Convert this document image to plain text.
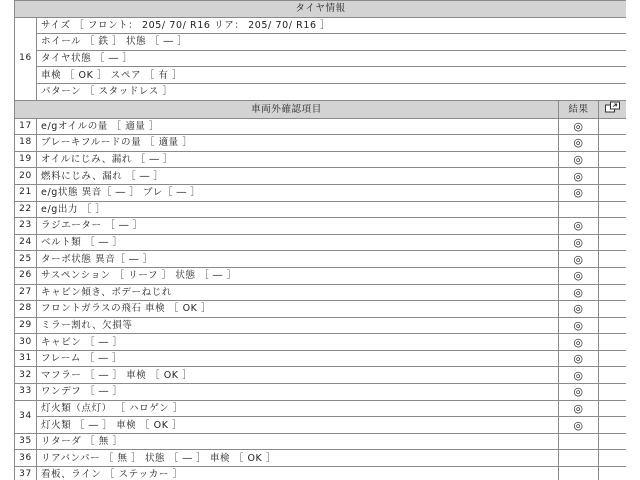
タイヤ情報			
16	サイズ ［ フロント： 205/ 70/ R16 リア： 205/ 70/ R16 ］		
	ホイール ［ 鉄 ］ 状態 ［ ― ］		
	タイヤ状態 ［ ― ］		
	車検 ［ OK ］ スペア ［ 有 ］		
	パターン ［ スタッドレス ］		
車両外確認項目		結果	
17	e/gオイルの量 ［ 適量 ］	◎	
18	ブレーキフルードの量 ［ 適量 ］	◎	
19	オイルにじみ、漏れ ［ ― ］	◎	
20	燃料にじみ、漏れ ［ ― ］	◎	
21	e/g状態 異音［ ― ］ ブレ［ ― ］	◎	
22	e/g出力 ［ ］		
23	ラジエーター ［ ― ］	◎	
24	ベルト類 ［ ― ］	◎	
25	ターボ状態 異音［ ― ］	◎	
26	サスペンション ［ リーフ ］ 状態 ［ ― ］	◎	
27	キャビン傾き、ボデーねじれ	◎	
28	フロントガラスの飛石 車検 ［ OK ］	◎	
29	ミラー割れ、欠損等	◎	
30	キャビン ［ ― ］	◎	
31	フレーム ［ ― ］	◎	
32	マフラー ［ ― ］ 車検 ［ OK ］	◎	
33	ワンデフ ［ ― ］	◎	
34	灯火類（点灯） ［ ハロゲン ］	◎	
	灯火類 ［ ― ］ 車検 ［ OK ］	◎	
35	リターダ ［ 無 ］		
36	リアバンパー ［ 無 ］ 状態 ［ ― ］ 車検 ［ OK ］		
37	看板、ライン ［ ステッカー ］		
